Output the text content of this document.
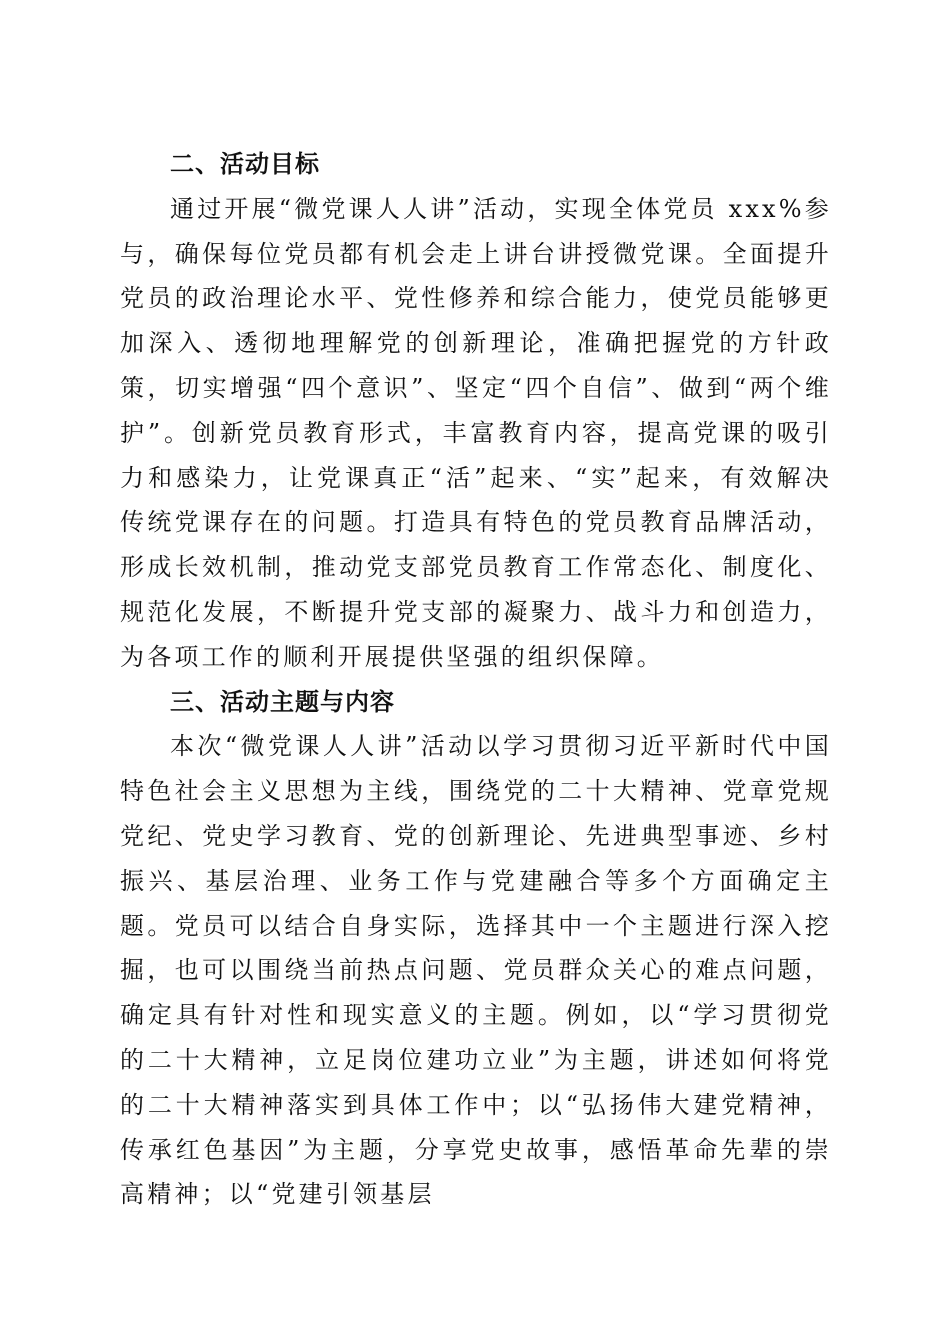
二、活动目标

通过开展“微党课人人讲”活动，实现全体党员 xxx%参与，确保每位党员都有机会走上讲台讲授微党课。全面提升党员的政治理论水平、党性修养和综合能力，使党员能够更加深入、透彻地理解党的创新理论，准确把握党的方针政策，切实增强“四个意识”、坚定“四个自信”、做到“两个维护”。创新党员教育形式，丰富教育内容，提高党课的吸引力和感染力，让党课真正“活”起来、“实”起来，有效解决传统党课存在的问题。打造具有特色的党员教育品牌活动，形成长效机制，推动党支部党员教育工作常态化、制度化、规范化发展，不断提升党支部的凝聚力、战斗力和创造力，为各项工作的顺利开展提供坚强的组织保障。

三、活动主题与内容

本次“微党课人人讲”活动以学习贯彻习近平新时代中国特色社会主义思想为主线，围绕党的二十大精神、党章党规党纪、党史学习教育、党的创新理论、先进典型事迹、乡村振兴、基层治理、业务工作与党建融合等多个方面确定主题。党员可以结合自身实际，选择其中一个主题进行深入挖掘，也可以围绕当前热点问题、党员群众关心的难点问题，确定具有针对性和现实意义的主题。例如，以“学习贯彻党的二十大精神，立足岗位建功立业”为主题，讲述如何将党的二十大精神落实到具体工作中；以“弘扬伟大建党精神，传承红色基因”为主题，分享党史故事，感悟革命先辈的崇高精神；以“党建引领基层
